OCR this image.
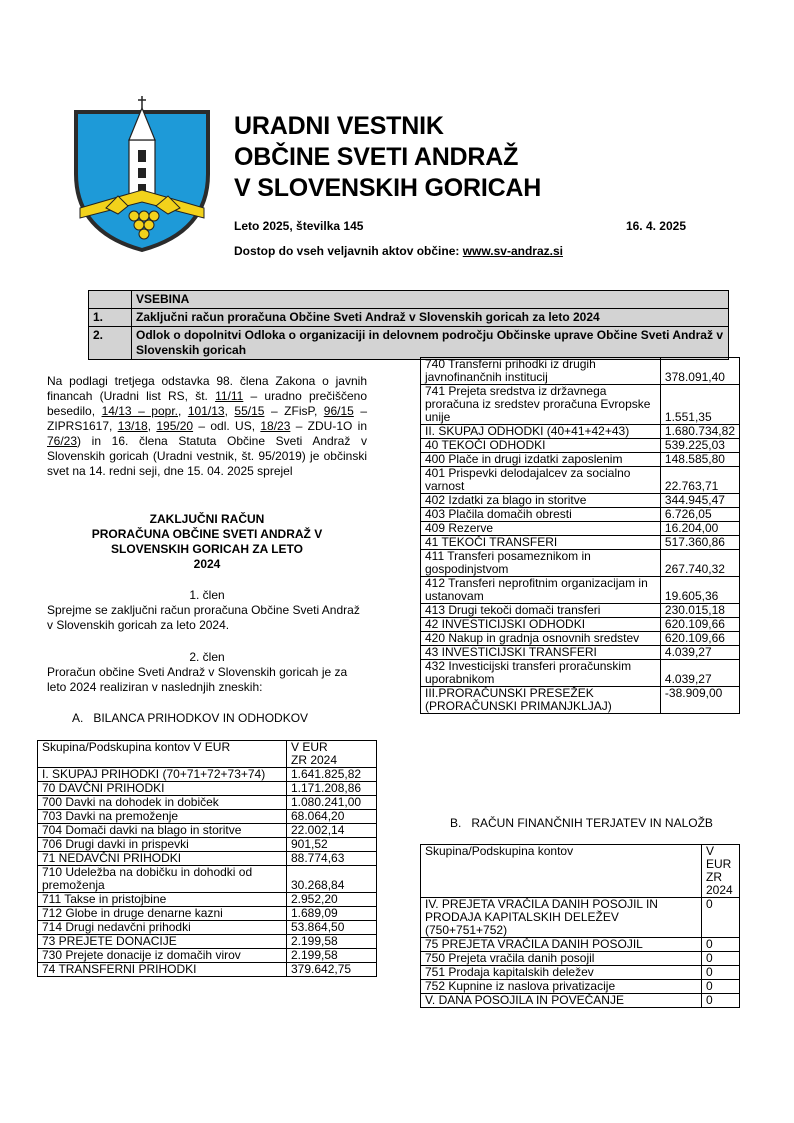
URADNI VESTNIK
OBČINE SVETI ANDRAŽ
V SLOVENSKIH GORICAH
Leto 2025, številka 145	16. 4. 2025
Dostop do vseh veljavnih aktov občine: www.sv-andraz.si
	VSEBINA
1.	Zaključni račun proračuna Občine Sveti Andraž v Slovenskih goricah za leto 2024
2.	Odlok o dopolnitvi Odloka o organizaciji in delovnem področju Občinske uprave Občine Sveti Andraž v Slovenskih goricah
Na podlagi tretjega odstavka 98. člena Zakona o javnih financah (Uradni list RS, št. 11/11 – uradno prečiščeno besedilo, 14/13 – popr., 101/13, 55/15 – ZFisP, 96/15 – ZIPRS1617, 13/18, 195/20 – odl. US, 18/23 – ZDU-1O in 76/23) in 16. člena Statuta Občine Sveti Andraž v Slovenskih goricah (Uradni vestnik, št. 95/2019) je občinski svet na 14. redni seji, dne 15. 04. 2025 sprejel
ZAKLJUČNI RAČUN
PRORAČUNA OBČINE SVETI ANDRAŽ V
SLOVENSKIH GORICAH ZA LETO
2024
1. člen
Sprejme se zaključni račun proračuna Občine Sveti Andraž v Slovenskih goricah za leto 2024.
2. člen
Proračun občine Sveti Andraž v Slovenskih goricah je za leto 2024 realiziran v naslednjih zneskih:
A.   BILANCA PRIHODKOV IN ODHODKOV
Skupina/Podskupina kontov V EUR	V EUR
ZR 2024
I. SKUPAJ PRIHODKI (70+71+72+73+74)	1.641.825,82
70 DAVČNI PRIHODKI	1.171.208,86
700 Davki na dohodek in dobiček	1.080.241,00
703 Davki na premoženje	68.064,20
704 Domači davki na blago in storitve	22.002,14
706 Drugi davki in prispevki	901,52
71 NEDAVČNI PRIHODKI	88.774,63
710 Udeležba na dobičku in dohodki od premoženja	30.268,84
711 Takse in pristojbine	2.952,20
712 Globe in druge denarne kazni	1.689,09
714 Drugi nedavčni prihodki	53.864,50
73 PREJETE DONACIJE	2.199,58
730 Prejete donacije iz domačih virov	2.199,58
74 TRANSFERNI PRIHODKI	379.642,75
740 Transferni prihodki iz drugih javnofinančnih institucij	378.091,40
741 Prejeta sredstva iz državnega proračuna iz sredstev proračuna Evropske unije	1.551,35
II. SKUPAJ ODHODKI (40+41+42+43)	1.680.734,82
40 TEKOČI ODHODKI	539.225,03
400 Plače in drugi izdatki zaposlenim	148.585,80
401 Prispevki delodajalcev za socialno varnost	22.763,71
402 Izdatki za blago in storitve	344.945,47
403 Plačila domačih obresti	6.726,05
409 Rezerve	16.204,00
41 TEKOČI TRANSFERI	517.360,86
411 Transferi posameznikom in gospodinjstvom	267.740,32
412 Transferi neprofitnim organizacijam in ustanovam	19.605,36
413 Drugi tekoči domači transferi	230.015,18
42 INVESTICIJSKI ODHODKI	620.109,66
420 Nakup in gradnja osnovnih sredstev	620.109,66
43 INVESTICIJSKI TRANSFERI	4.039,27
432 Investicijski transferi proračunskim uporabnikom	4.039,27
III.PRORAČUNSKI PRESEŽEK (PRORAČUNSKI PRIMANJKLJAJ)	-38.909,00
B.   RAČUN FINANČNIH TERJATEV IN NALOŽB
Skupina/Podskupina kontov	V EUR
ZR
2024
IV. PREJETA VRAČILA DANIH POSOJIL IN PRODAJA KAPITALSKIH DELEŽEV (750+751+752)	0
75 PREJETA VRAČILA DANIH POSOJIL	0
750 Prejeta vračila danih posojil	0
751 Prodaja kapitalskih deležev	0
752 Kupnine iz naslova privatizacije	0
V. DANA POSOJILA IN POVEČANJE	0
